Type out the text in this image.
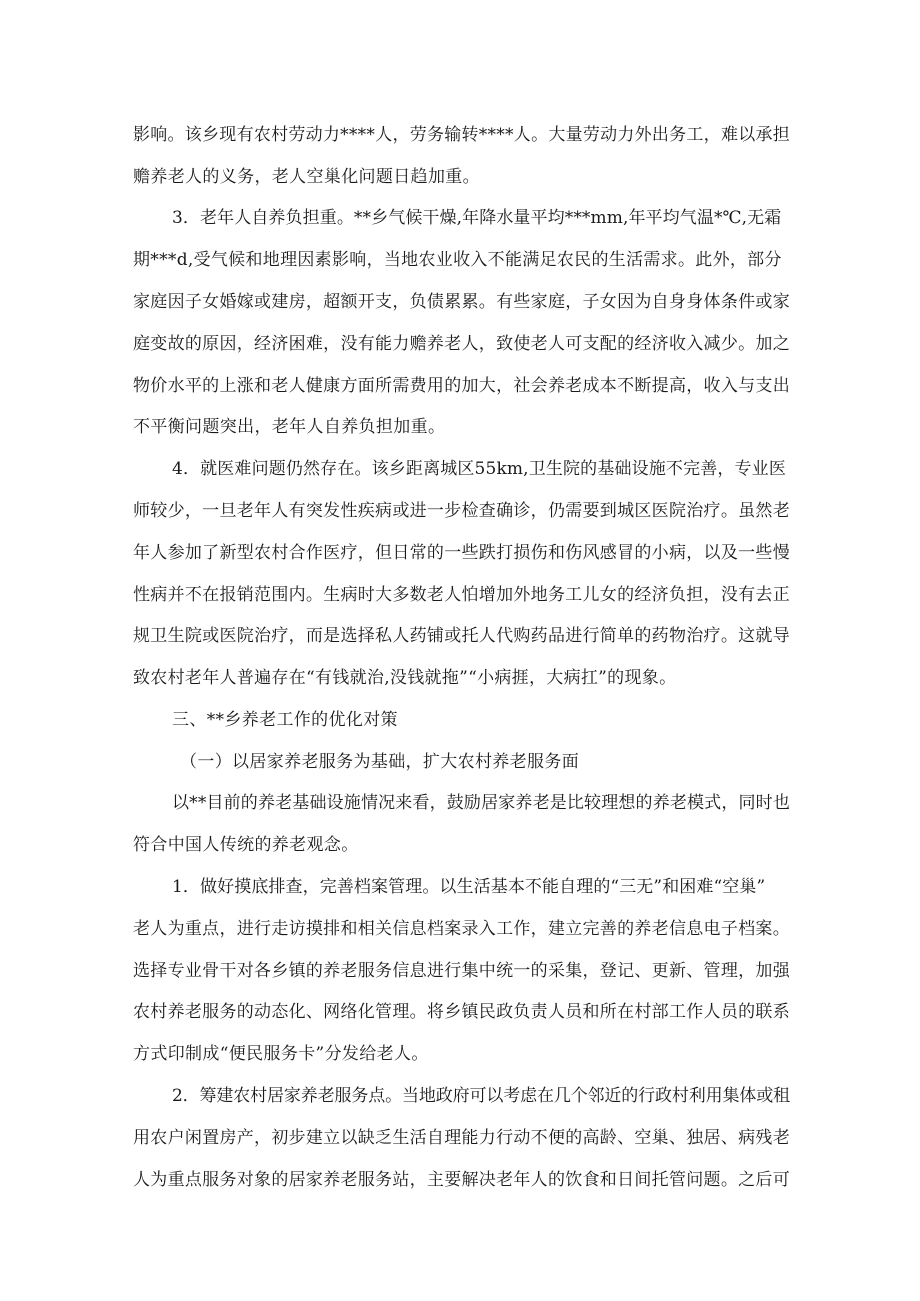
影响。该乡现有农村劳动力****人，劳务输转****人。大量劳动力外出务工，难以承担
赡养老人的义务，老人空巢化问题日趋加重。
3．老年人自养负担重。**乡气候干燥,年降水量平均***mm,年平均气温*℃,无霜
期***d,受气候和地理因素影响，当地农业收入不能满足农民的生活需求。此外，部分
家庭因子女婚嫁或建房，超额开支，负债累累。有些家庭，子女因为自身身体条件或家
庭变故的原因，经济困难，没有能力赡养老人，致使老人可支配的经济收入减少。加之
物价水平的上涨和老人健康方面所需费用的加大，社会养老成本不断提高，收入与支出
不平衡问题突出，老年人自养负担加重。
4．就医难问题仍然存在。该乡距离城区55km,卫生院的基础设施不完善，专业医
师较少，一旦老年人有突发性疾病或进一步检查确诊，仍需要到城区医院治疗。虽然老
年人参加了新型农村合作医疗，但日常的一些跌打损伤和伤风感冒的小病，以及一些慢
性病并不在报销范围内。生病时大多数老人怕增加外地务工儿女的经济负担，没有去正
规卫生院或医院治疗，而是选择私人药铺或托人代购药品进行简单的药物治疗。这就导
致农村老年人普遍存在“有钱就治,没钱就拖”“小病捱，大病扛”的现象。
三、**乡养老工作的优化对策
（一）以居家养老服务为基础，扩大农村养老服务面
以**目前的养老基础设施情况来看，鼓励居家养老是比较理想的养老模式，同时也
符合中国人传统的养老观念。
1．做好摸底排查，完善档案管理。以生活基本不能自理的“三无”和困难“空巢”
老人为重点，进行走访摸排和相关信息档案录入工作，建立完善的养老信息电子档案。
选择专业骨干对各乡镇的养老服务信息进行集中统一的采集，登记、更新、管理，加强
农村养老服务的动态化、网络化管理。将乡镇民政负责人员和所在村部工作人员的联系
方式印制成“便民服务卡”分发给老人。
2．筹建农村居家养老服务点。当地政府可以考虑在几个邻近的行政村利用集体或租
用农户闲置房产，初步建立以缺乏生活自理能力行动不便的高龄、空巢、独居、病残老
人为重点服务对象的居家养老服务站，主要解决老年人的饮食和日间托管问题。之后可
